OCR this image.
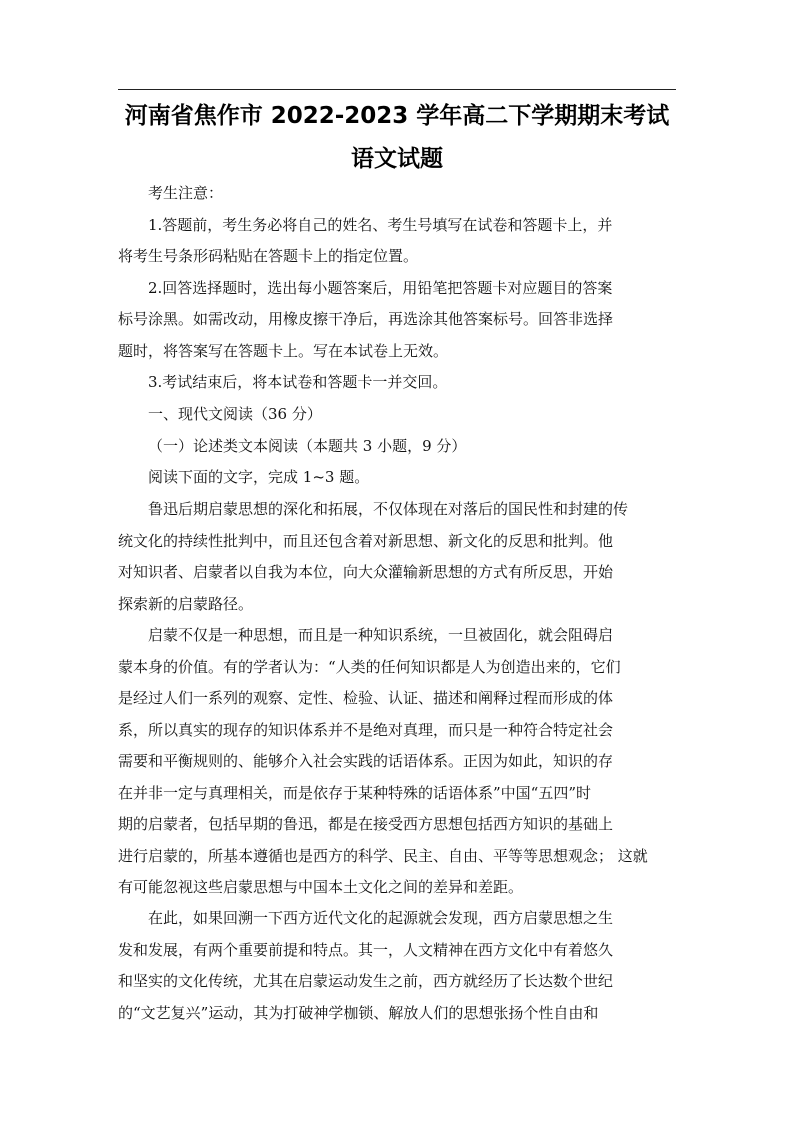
河南省焦作市 2022-2023 学年高二下学期期末考试
语文试题
考生注意：
1.答题前，考生务必将自己的姓名、考生号填写在试卷和答题卡上，并
将考生号条形码粘贴在答题卡上的指定位置。
2.回答选择题时，选出每小题答案后，用铅笔把答题卡对应题目的答案
标号涂黑。如需改动，用橡皮擦干净后，再选涂其他答案标号。回答非选择
题时，将答案写在答题卡上。写在本试卷上无效。
3.考试结束后，将本试卷和答题卡一并交回。
一、现代文阅读（36 分）
（一）论述类文本阅读（本题共 3 小题，9 分）
阅读下面的文字，完成 1~3 题。
鲁迅后期启蒙思想的深化和拓展，不仅体现在对落后的国民性和封建的传
统文化的持续性批判中，而且还包含着对新思想、新文化的反思和批判。他
对知识者、启蒙者以自我为本位，向大众灌输新思想的方式有所反思，开始
探索新的启蒙路径。
启蒙不仅是一种思想，而且是一种知识系统，一旦被固化，就会阻碍启
蒙本身的价值。有的学者认为：“人类的任何知识都是人为创造出来的，它们
是经过人们一系列的观察、定性、检验、认证、描述和阐释过程而形成的体
系，所以真实的现存的知识体系并不是绝对真理，而只是一种符合特定社会
需要和平衡规则的、能够介入社会实践的话语体系。正因为如此，知识的存
在并非一定与真理相关，而是依存于某种特殊的话语体系”中国“五四”时
期的启蒙者，包括早期的鲁迅，都是在接受西方思想包括西方知识的基础上
进行启蒙的，所基本遵循也是西方的科学、民主、自由、平等等思想观念； 这就
有可能忽视这些启蒙思想与中国本土文化之间的差异和差距。
在此，如果回溯一下西方近代文化的起源就会发现，西方启蒙思想之生
发和发展，有两个重要前提和特点。其一，人文精神在西方文化中有着悠久
和坚实的文化传统，尤其在启蒙运动发生之前，西方就经历了长达数个世纪
的“文艺复兴”运动，其为打破神学枷锁、解放人们的思想张扬个性自由和
